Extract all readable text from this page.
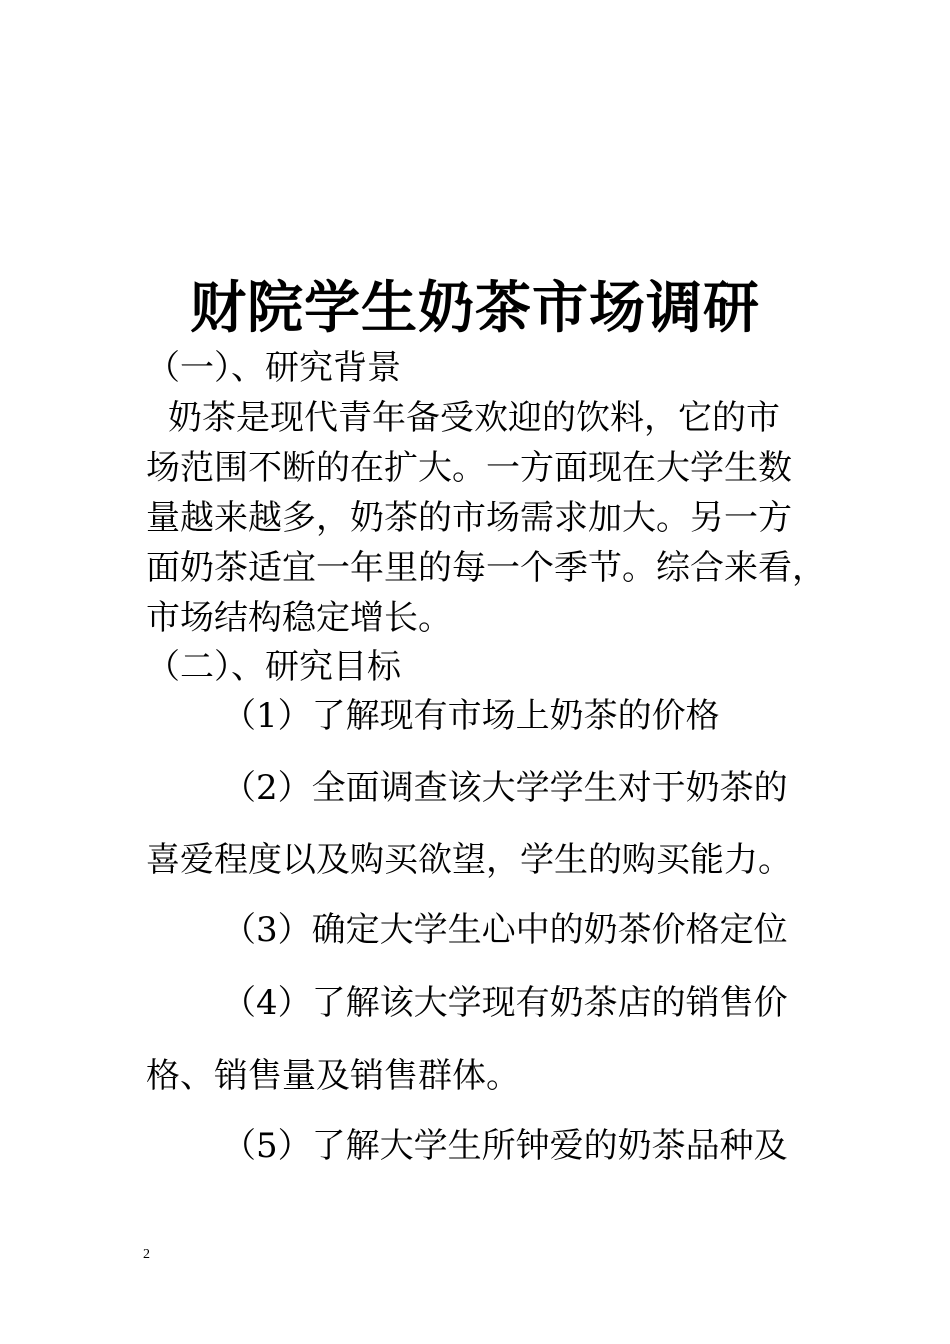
财院学生奶茶市场调研
（一）、研究背景
奶茶是现代青年备受欢迎的饮料，它的市
场范围不断的在扩大。一方面现在大学生数
量越来越多，奶茶的市场需求加大。另一方
面奶茶适宜一年里的每一个季节。综合来看，
市场结构稳定增长。
（二）、研究目标
（1）了解现有市场上奶茶的价格
（2）全面调查该大学学生对于奶茶的
喜爱程度以及购买欲望，学生的购买能力。
（3）确定大学生心中的奶茶价格定位
（4）了解该大学现有奶茶店的销售价
格、销售量及销售群体。
（5）了解大学生所钟爱的奶茶品种及
2
